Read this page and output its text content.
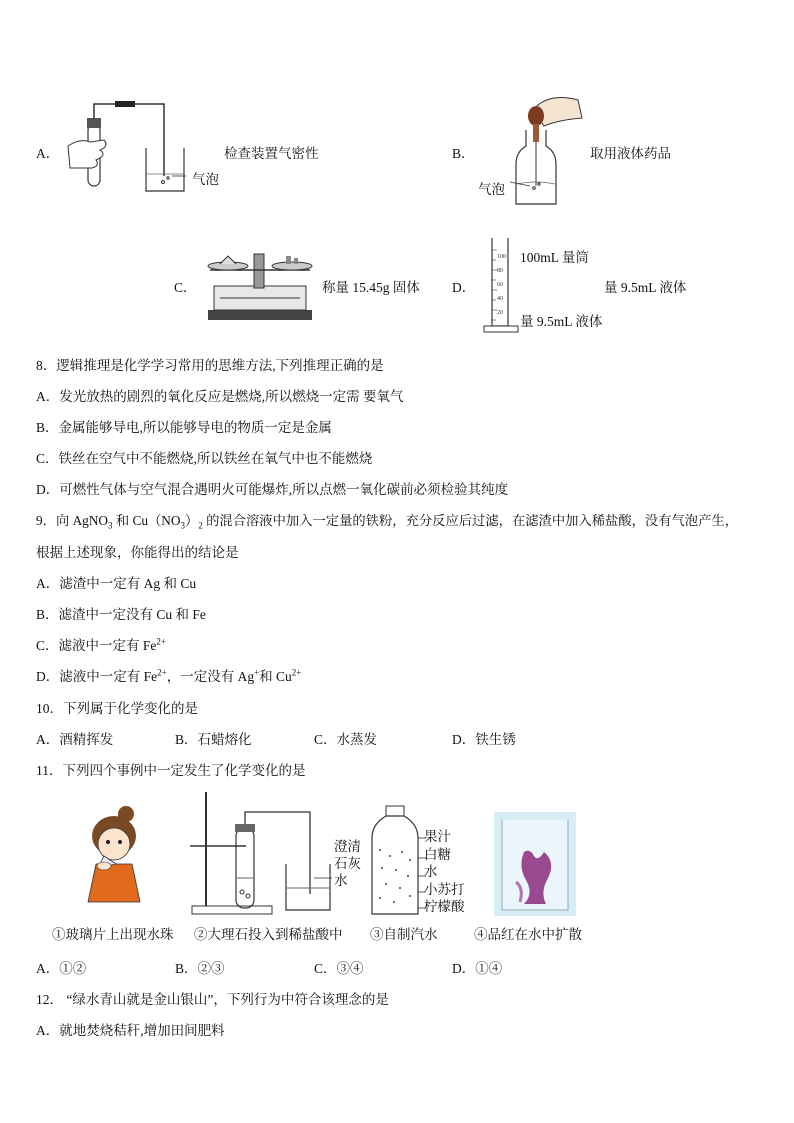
A．
气泡
检查装置气密性	B．
气泡
取用液体药品
C．	称量 15.45g 固体 D．
100
80
60
40
20
100mL 量筒
量 9.5mL 液体
量 9.5mL 液体
8．逻辑推理是化学学习常用的思维方法,下列推理正确的是
A．发光放热的剧烈的氧化反应是燃烧,所以燃烧一定需 要氧气
B．金属能够导电,所以能够导电的物质一定是金属
C．铁丝在空气中不能燃烧,所以铁丝在氧气中也不能燃烧
D．可燃性气体与空气混合遇明火可能爆炸,所以点燃一氧化碳前必须检验其纯度
9．向 AgNO$_3$ 和 $Cu(NO_3)_2$ 的混合溶液中加入一定量的铁粉，充分反应后过滤，在滤渣中加入稀盐酸，没有气泡产生，
根据上述现象，你能得出的结论是
A．滤渣中一定有 Ag 和 Cu
B．滤渣中一定没有 Cu 和 Fe
C．滤液中一定有 $Fe^{2+}$
D．滤液中一定有 $Fe^{2+}$，一定没有 Ag+和 $Cu^{2+}$
10．下列属于化学变化的是
A．酒精挥发	B．石蜡熔化	C．水蒸发	D．铁生锈
11．下列四个事例中一定发生了化学变化的是
澄清
石灰
水
果汁
白糖
水
小苏打
柠檬酸
①玻璃片上出现水珠 ②大理石投入到稀盐酸中 ③自制汽水	④品红在水中扩散
A．①②	B．②③	C．③④	D．①④
12． “绿水青山就是金山银山”，下列行为中符合该理念的是
A．就地焚烧秸秆,增加田间肥料
